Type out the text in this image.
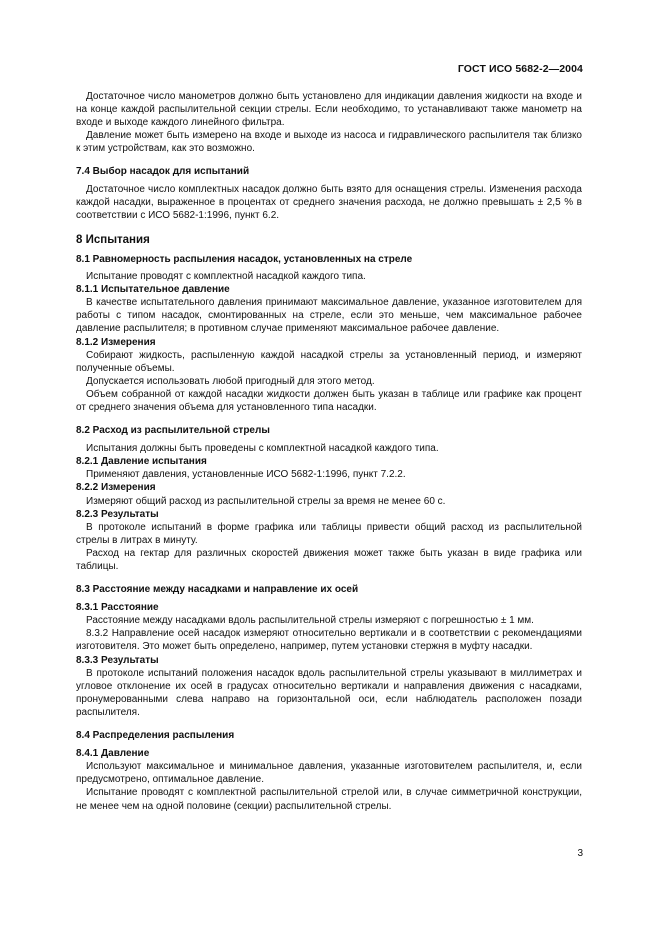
ГОСТ ИСО 5682-2—2004

Достаточное число манометров должно быть установлено для индикации давления жидкости на входе и на конце каждой распылительной секции стрелы. Если необходимо, то устанавливают также манометр на входе и выходе каждого линейного фильтра.

Давление может быть измерено на входе и выходе из насоса и гидравлического распылителя так близко к этим устройствам, как это возможно.

7.4 Выбор насадок для испытаний

Достаточное число комплектных насадок должно быть взято для оснащения стрелы. Изменения расхода каждой насадки, выраженное в процентах от среднего значения расхода, не должно превышать ± 2,5 % в соответствии с ИСО 5682-1:1996, пункт 6.2.

8 Испытания

8.1 Равномерность распыления насадок, установленных на стреле

Испытание проводят с комплектной насадкой каждого типа.

8.1.1 Испытательное давление

В качестве испытательного давления принимают максимальное давление, указанное изготовителем для работы с типом насадок, смонтированных на стреле, если это меньше, чем максимальное рабочее давление распылителя; в противном случае применяют максимальное рабочее давление.

8.1.2 Измерения

Собирают жидкость, распыленную каждой насадкой стрелы за установленный период, и измеряют полученные объемы.

Допускается использовать любой пригодный для этого метод.

Объем собранной от каждой насадки жидкости должен быть указан в таблице или графике как процент от среднего значения объема для установленного типа насадки.

8.2 Расход из распылительной стрелы

Испытания должны быть проведены с комплектной насадкой каждого типа.

8.2.1 Давление испытания

Применяют давления, установленные ИСО 5682-1:1996, пункт 7.2.2.

8.2.2 Измерения

Измеряют общий расход из распылительной стрелы за время не менее 60 с.

8.2.3 Результаты

В протоколе испытаний в форме графика или таблицы привести общий расход из распылительной стрелы в литрах в минуту.

Расход на гектар для различных скоростей движения может также быть указан в виде графика или таблицы.

8.3 Расстояние между насадками и направление их осей

8.3.1 Расстояние

Расстояние между насадками вдоль распылительной стрелы измеряют с погрешностью ± 1 мм.

8.3.2 Направление осей насадок измеряют относительно вертикали и в соответствии с рекомендациями изготовителя. Это может быть определено, например, путем установки стержня в муфту насадки.

8.3.3 Результаты

В протоколе испытаний положения насадок вдоль распылительной стрелы указывают в миллиметрах и угловое отклонение их осей в градусах относительно вертикали и направления движения с насадками, пронумерованными слева направо на горизонтальной оси, если наблюдатель расположен позади распылителя.

8.4 Распределения распыления

8.4.1 Давление

Используют максимальное и минимальное давления, указанные изготовителем распылителя, и, если предусмотрено, оптимальное давление.

Испытание проводят с комплектной распылительной стрелой или, в случае симметричной конструкции, не менее чем на одной половине (секции) распылительной стрелы.

3
